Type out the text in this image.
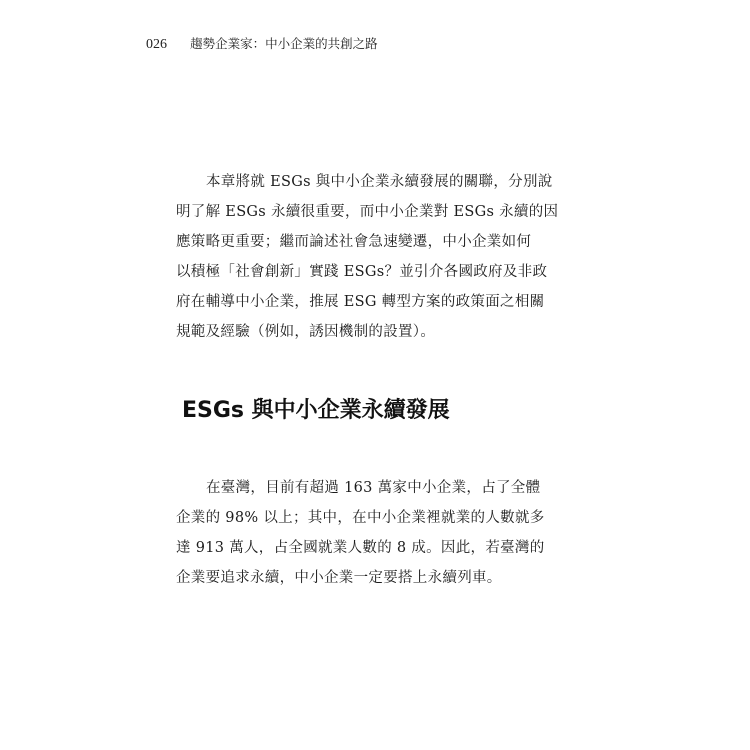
026 趨勢企業家：中小企業的共創之路
本章將就 ESGs 與中小企業永續發展的關聯，分別說
明了解 ESGs 永續很重要，而中小企業對 ESGs 永續的因
應策略更重要；繼而論述社會急速變遷，中小企業如何
以積極「社會創新」實踐 ESGs？並引介各國政府及非政
府在輔導中小企業，推展 ESG 轉型方案的政策面之相關
規範及經驗（例如，誘因機制的設置）。
ESGs 與中小企業永續發展
在臺灣，目前有超過 163 萬家中小企業，占了全體
企業的 98% 以上；其中，在中小企業裡就業的人數就多
達 913 萬人，占全國就業人數的 8 成。因此，若臺灣的
企業要追求永續，中小企業一定要搭上永續列車。
